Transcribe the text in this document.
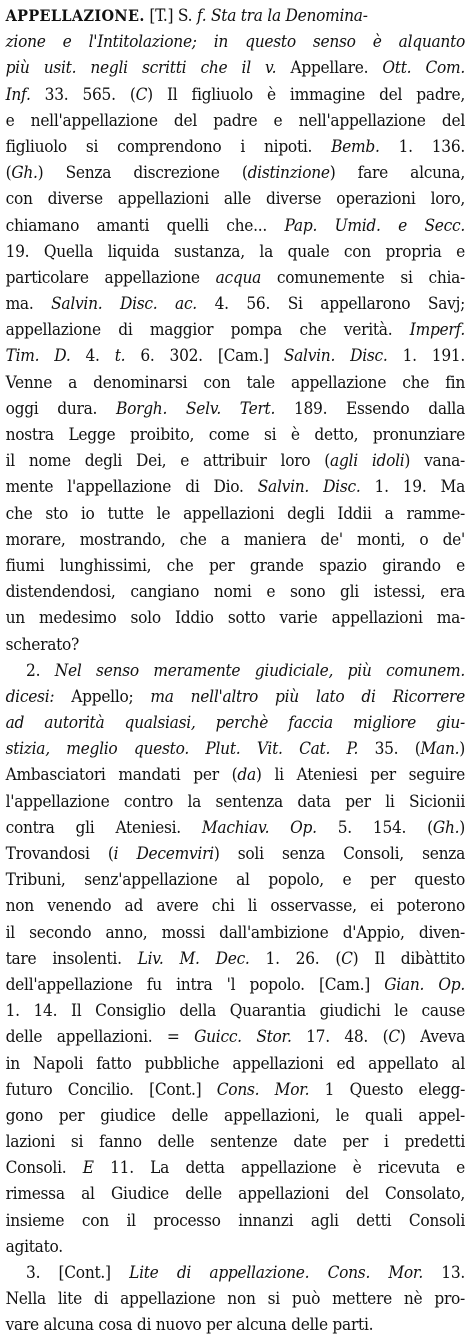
APPELLAZIONE. [T.] S. f. Sta tra la Denomina-
zione e l'Intitolazione; in questo senso è alquanto
più usit. negli scritti che il v. Appellare. Ott. Com.
Inf. 33. 565. (C) Il figliuolo è immagine del padre,
e nell'appellazione del padre e nell'appellazione del
figliuolo si comprendono i nipoti. Bemb. 1. 136.
(Gh.) Senza discrezione (distinzione) fare alcuna,
con diverse appellazioni alle diverse operazioni loro,
chiamano amanti quelli che... Pap. Umid. e Secc.
19. Quella liquida sustanza, la quale con propria e
particolare appellazione acqua comunemente si chia-
ma. Salvin. Disc. ac. 4. 56. Si appellarono Savj;
appellazione di maggior pompa che verità. Imperf.
Tim. D. 4. t. 6. 302. [Cam.] Salvin. Disc. 1. 191.
Venne a denominarsi con tale appellazione che fin
oggi dura. Borgh. Selv. Tert. 189. Essendo dalla
nostra Legge proibito, come si è detto, pronunziare
il nome degli Dei, e attribuir loro (agli idoli) vana-
mente l'appellazione di Dio. Salvin. Disc. 1. 19. Ma
che sto io tutte le appellazioni degli Iddii a ramme-
morare, mostrando, che a maniera de' monti, o de'
fiumi lunghissimi, che per grande spazio girando e
distendendosi, cangiano nomi e sono gli istessi, era
un medesimo solo Iddio sotto varie appellazioni ma-
scherato?
2. Nel senso meramente giudiciale, più comunem.
dicesi: Appello; ma nell'altro più lato di Ricorrere
ad autorità qualsiasi, perchè faccia migliore giu-
stizia, meglio questo. Plut. Vit. Cat. P. 35. (Man.)
Ambasciatori mandati per (da) li Ateniesi per seguire
l'appellazione contro la sentenza data per li Sicionii
contra gli Ateniesi. Machiav. Op. 5. 154. (Gh.)
Trovandosi (i Decemviri) soli senza Consoli, senza
Tribuni, senz'appellazione al popolo, e per questo
non venendo ad avere chi li osservasse, ei poterono
il secondo anno, mossi dall'ambizione d'Appio, diven-
tare insolenti. Liv. M. Dec. 1. 26. (C) Il dibàttito
dell'appellazione fu intra 'l popolo. [Cam.] Gian. Op.
1. 14. Il Consiglio della Quarantia giudichi le cause
delle appellazioni. = Guicc. Stor. 17. 48. (C) Aveva
in Napoli fatto pubbliche appellazioni ed appellato al
futuro Concilio. [Cont.] Cons. Mor. 1 Questo elegg-
gono per giudice delle appellazioni, le quali appel-
lazioni si fanno delle sentenze date per i predetti
Consoli. E 11. La detta appellazione è ricevuta e
rimessa al Giudice delle appellazioni del Consolato,
insieme con il processo innanzi agli detti Consoli
agitato.
3. [Cont.] Lite di appellazione. Cons. Mor. 13.
Nella lite di appellazione non si può mettere nè pro-
vare alcuna cosa di nuovo per alcuna delle parti.
